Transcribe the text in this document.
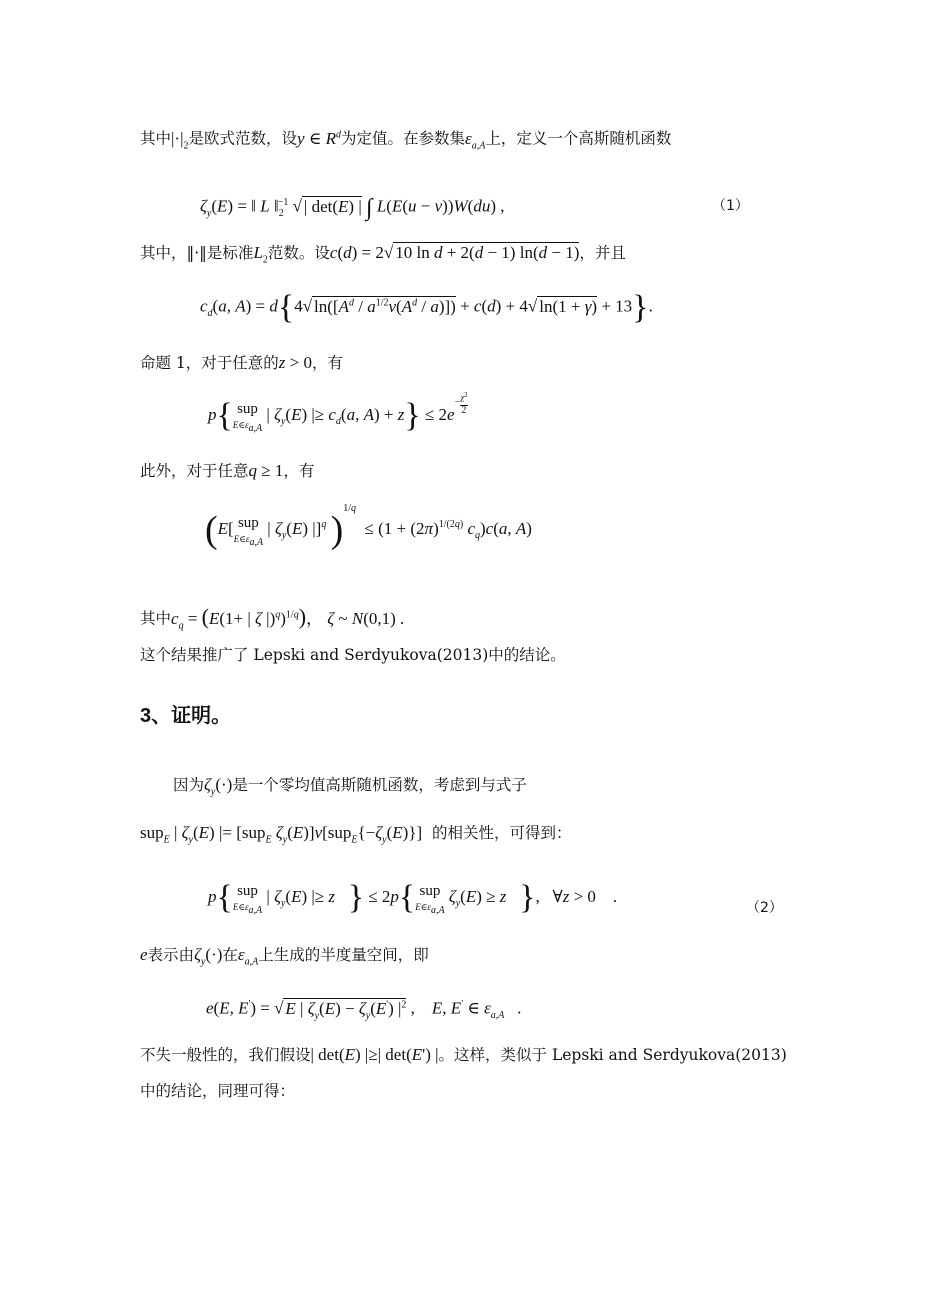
其中$|\cdot|_2$是欧式范数，设y ∈ $R^d$为定值。在参数集$\varepsilon_{a,A}$上，定义一个高斯随机函数
$\zeta_y(E)$ = ‖ L $‖_2^{-1}$ √ | det(E) | ∫ L(E(u − v))W(du) ,	（1）
其中，‖·‖是标准$L_2$范数。设c(d) = 2√ 10 ln d + 2(d − 1) ln(d − 1)，并且
$c_d(a$, A) = d{4√ $\ln([A^d / a^{1/2}\nu(A^d / a)]) + c(d) + 4√$ ln(1 + γ) + 13}.
命题 1，对于任意的z > 0，有
p{ sup
$E\in\varepsilon_{a,A}$
| $\zeta_y(E)$ |≥ $c_d(a$, $A) + z\} \le 2e^{- \frac{z^2}{2}}$
此外，对于任意q ≥ 1，有
(E[ sup
$E\in\varepsilon_{a,A}$
| $\zeta_y(E)$ |]$^q$ )$^{1/q} \le (1 + (2\pi)^{1/(2q)}$ $c_q)c(a$, A)
其中$c_q = (E(1+$ | ζ |)$^q$)$^{1/q}$)， ζ ~ N(0,1) .
这个结果推广了 Lepski and Serdyukova(2013)中的结论。
3、证明。
因为$\zeta_y(\cdot)$是一个零均值高斯随机函数，考虑到与式子
sup$_E$ | $\zeta_y(E)$ |= [sup$_E$ $\zeta_y(E)]\nu[sup_E\{-\zeta_y(E)\}]$ 的相关性，可得到：
p{ sup
$E\in\varepsilon_{a,A}$
| $\zeta_y(E)$ |≥ z } ≤ 2p{ sup
$E\in\varepsilon_{a,A}$
$\zeta_y(E) \ge z$ },   ∀z > 0    .
（2）
e表示由$\zeta_y(\cdot)$在$\varepsilon_{a,A}$上生成的半度量空间，即
e(E, E') = √ E | $\zeta_y(E) - \zeta_y(E')$ $|^2$ ,    E, E' ∈ $\varepsilon_{a,A}$   .
不失一般性的，我们假设| det(E) |≥| det(E') |。这样，类似于 Lepski and Serdyukova(2013)
中的结论，同理可得：
